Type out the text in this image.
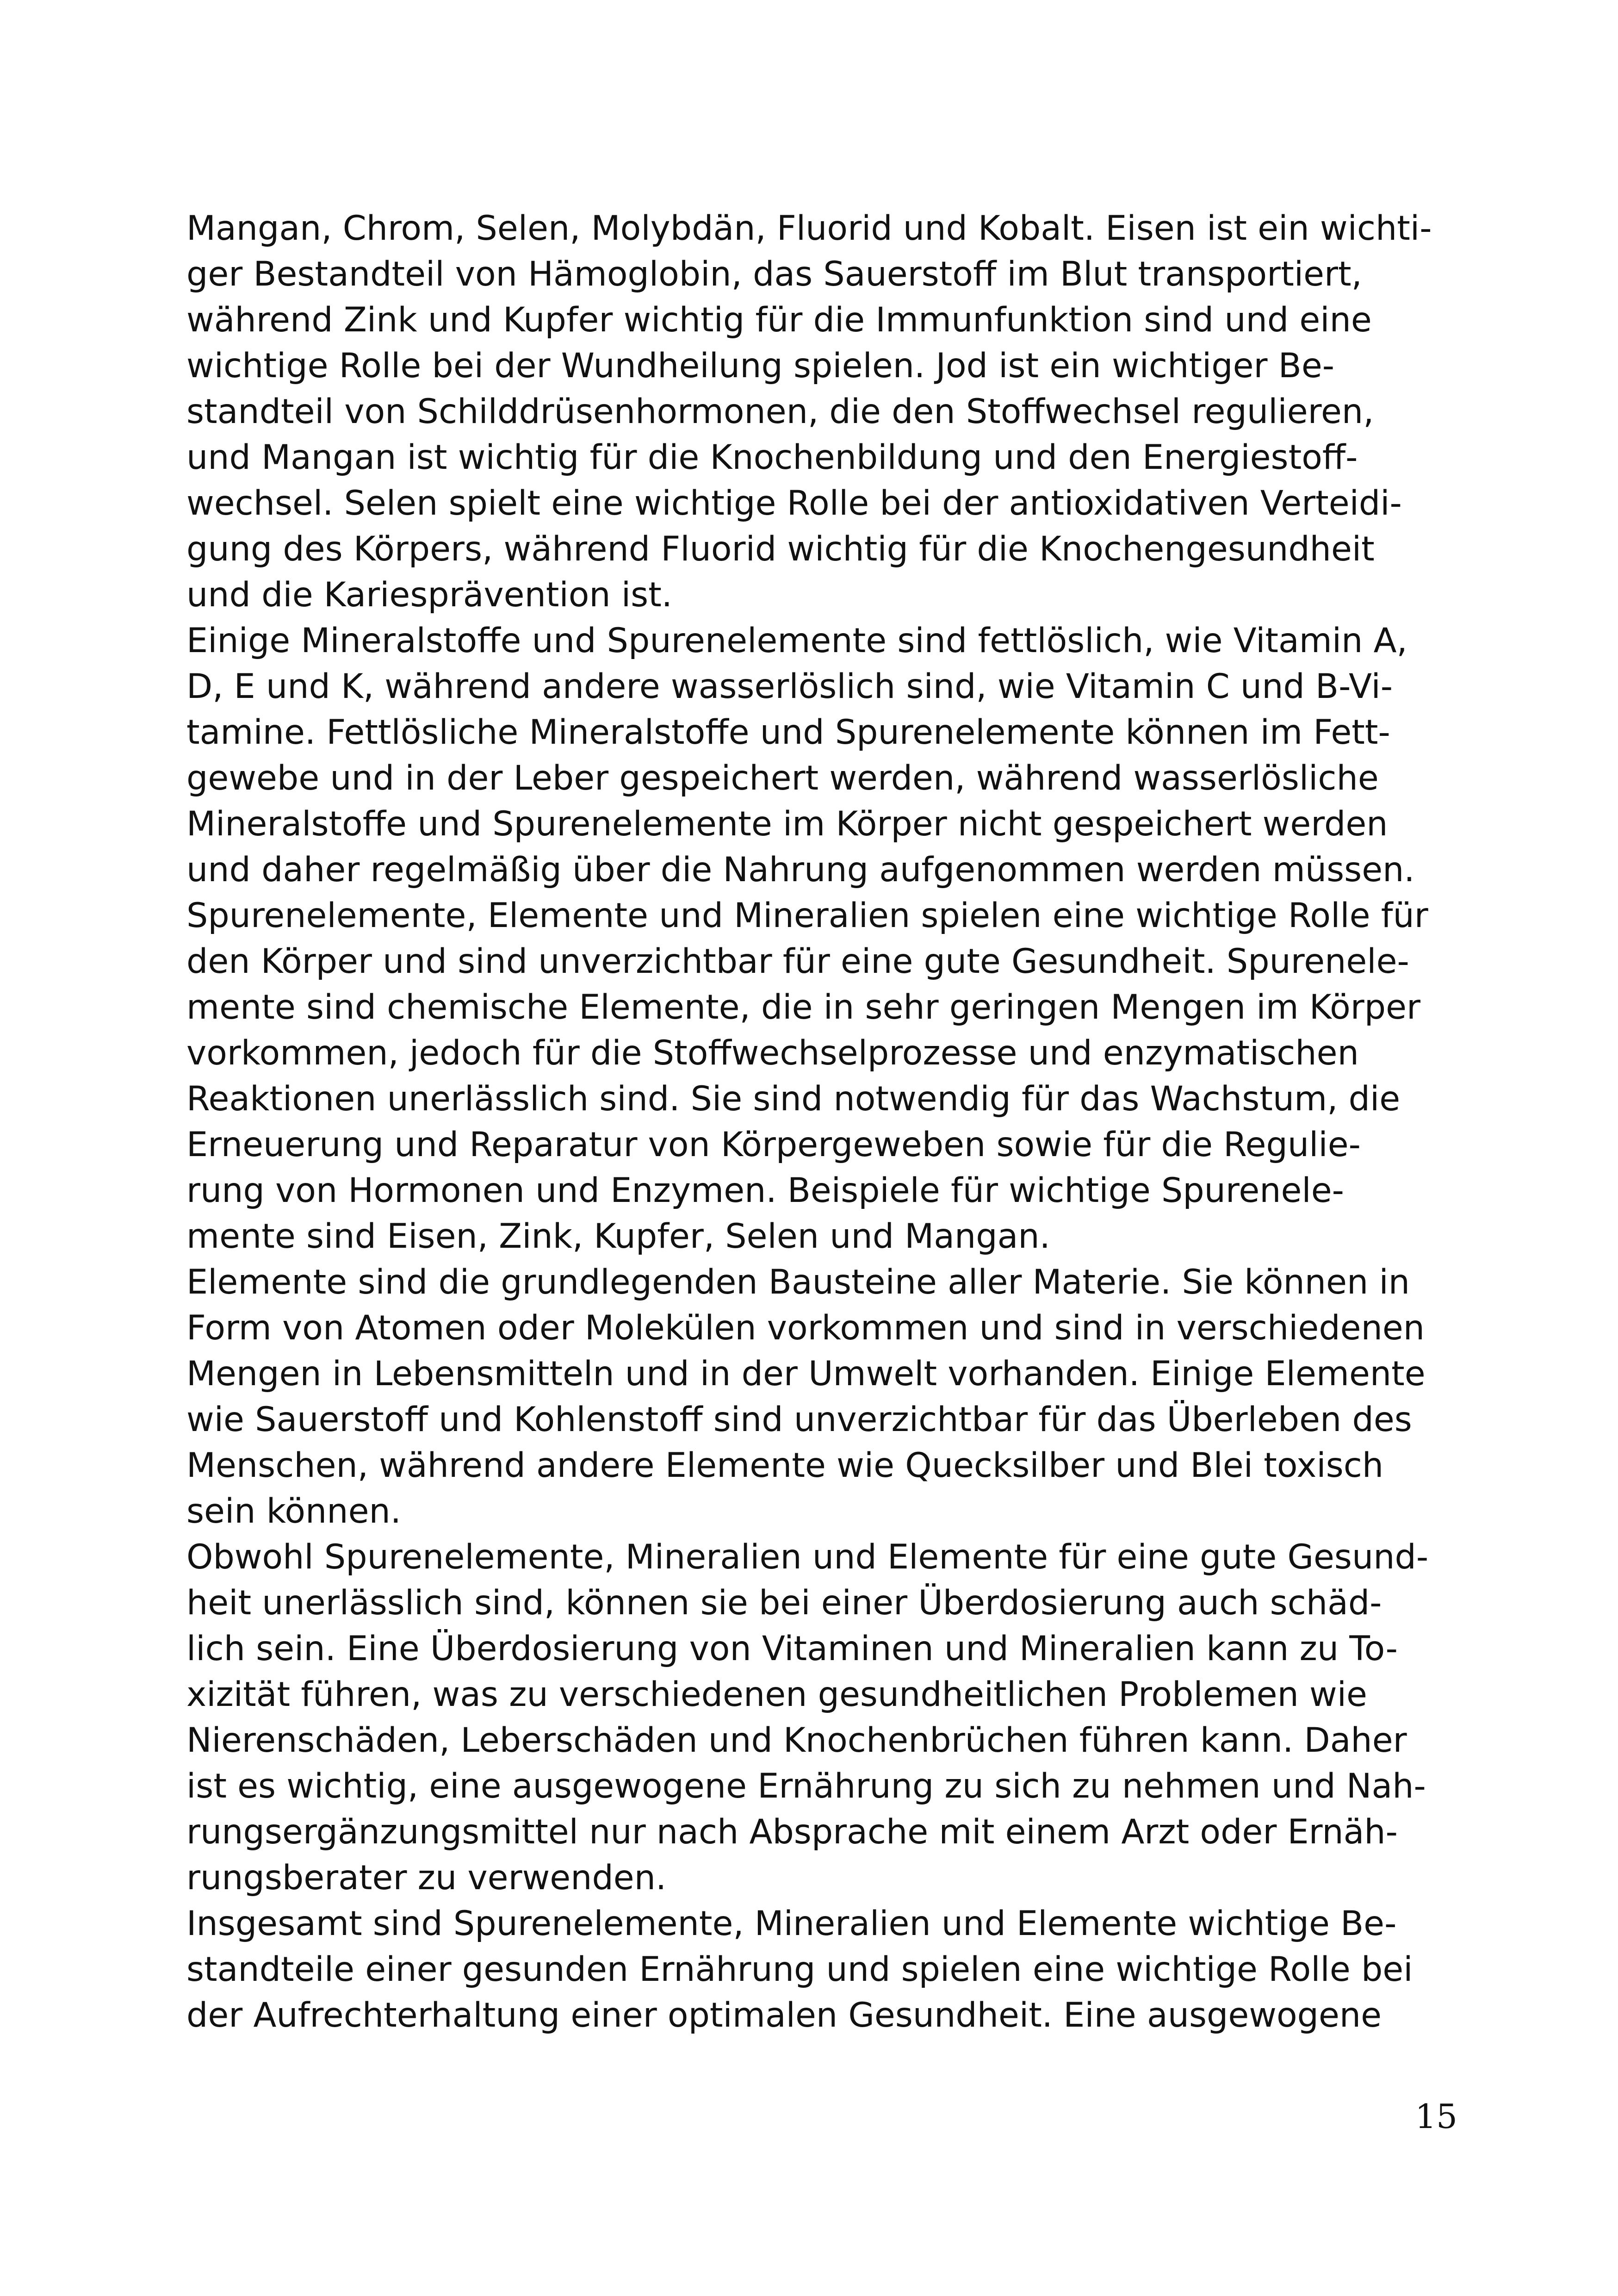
Mangan, Chrom, Selen, Molybdän, Fluorid und Kobalt. Eisen ist ein wichti-
ger Bestandteil von Hämoglobin, das Sauerstoff im Blut transportiert,
während Zink und Kupfer wichtig für die Immunfunktion sind und eine
wichtige Rolle bei der Wundheilung spielen. Jod ist ein wichtiger Be-
standteil von Schilddrüsenhormonen, die den Stoffwechsel regulieren,
und Mangan ist wichtig für die Knochenbildung und den Energiestoff-
wechsel. Selen spielt eine wichtige Rolle bei der antioxidativen Verteidi-
gung des Körpers, während Fluorid wichtig für die Knochengesundheit
und die Kariesprävention ist.
Einige Mineralstoffe und Spurenelemente sind fettlöslich, wie Vitamin A,
D, E und K, während andere wasserlöslich sind, wie Vitamin C und B-Vi-
tamine. Fettlösliche Mineralstoffe und Spurenelemente können im Fett-
gewebe und in der Leber gespeichert werden, während wasserlösliche
Mineralstoffe und Spurenelemente im Körper nicht gespeichert werden
und daher regelmäßig über die Nahrung aufgenommen werden müssen.
Spurenelemente, Elemente und Mineralien spielen eine wichtige Rolle für
den Körper und sind unverzichtbar für eine gute Gesundheit. Spurenele-
mente sind chemische Elemente, die in sehr geringen Mengen im Körper
vorkommen, jedoch für die Stoffwechselprozesse und enzymatischen
Reaktionen unerlässlich sind. Sie sind notwendig für das Wachstum, die
Erneuerung und Reparatur von Körpergeweben sowie für die Regulie-
rung von Hormonen und Enzymen. Beispiele für wichtige Spurenele-
mente sind Eisen, Zink, Kupfer, Selen und Mangan.
Elemente sind die grundlegenden Bausteine aller Materie. Sie können in
Form von Atomen oder Molekülen vorkommen und sind in verschiedenen
Mengen in Lebensmitteln und in der Umwelt vorhanden. Einige Elemente
wie Sauerstoff und Kohlenstoff sind unverzichtbar für das Überleben des
Menschen, während andere Elemente wie Quecksilber und Blei toxisch
sein können.
Obwohl Spurenelemente, Mineralien und Elemente für eine gute Gesund-
heit unerlässlich sind, können sie bei einer Überdosierung auch schäd-
lich sein. Eine Überdosierung von Vitaminen und Mineralien kann zu To-
xizität führen, was zu verschiedenen gesundheitlichen Problemen wie
Nierenschäden, Leberschäden und Knochenbrüchen führen kann. Daher
ist es wichtig, eine ausgewogene Ernährung zu sich zu nehmen und Nah-
rungsergänzungsmittel nur nach Absprache mit einem Arzt oder Ernäh-
rungsberater zu verwenden.
Insgesamt sind Spurenelemente, Mineralien und Elemente wichtige Be-
standteile einer gesunden Ernährung und spielen eine wichtige Rolle bei
der Aufrechterhaltung einer optimalen Gesundheit. Eine ausgewogene
15
